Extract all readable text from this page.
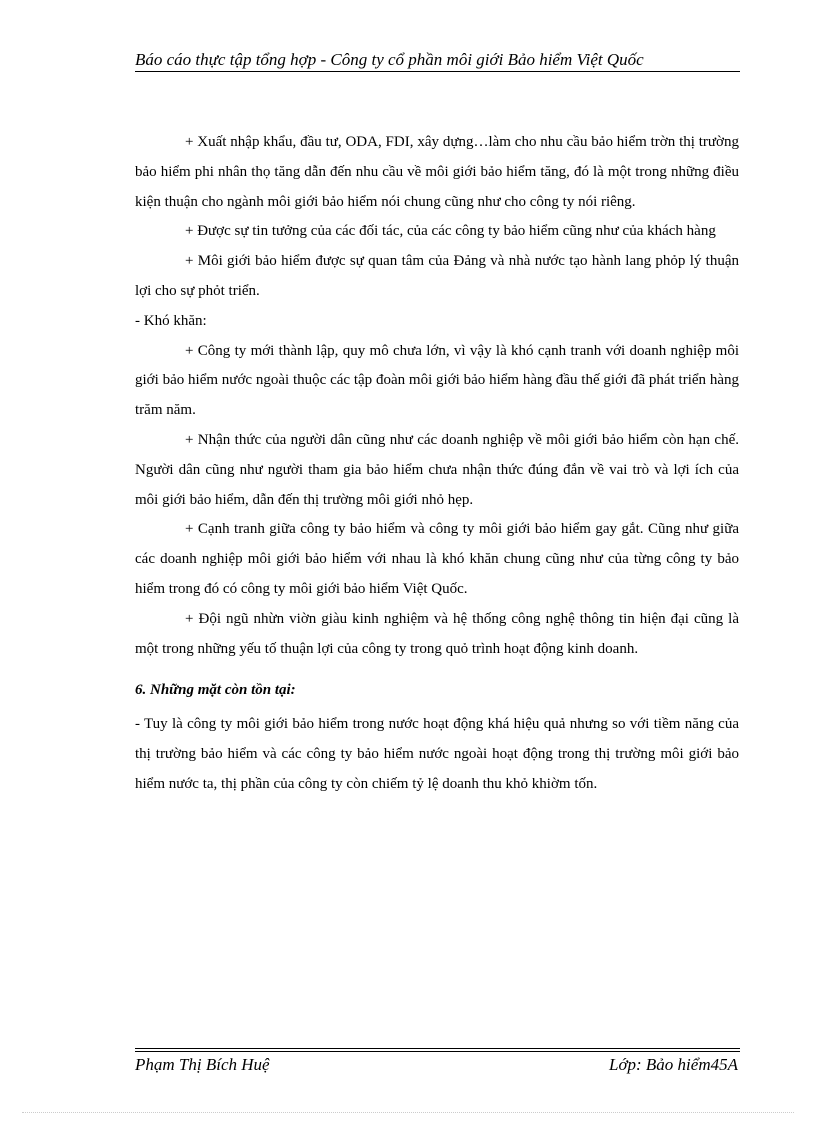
Báo cáo thực tập tổng hợp - Công ty cổ phần môi giới Bảo hiểm Việt Quốc

+ Xuất nhập khẩu, đầu tư, ODA, FDI, xây dựng…làm cho nhu cầu bảo hiểm trờn thị trường bảo hiểm phi nhân thọ tăng dẫn đến nhu cầu về môi giới bảo hiểm tăng, đó là một trong những điều kiện thuận cho ngành môi giới bảo hiểm nói chung cũng như cho công ty nói riêng.

+ Được sự tin tưởng của các đối tác, của các công ty bảo hiểm cũng như của khách hàng

+ Môi giới bảo hiểm được sự quan tâm của Đảng và nhà nước tạo hành lang phỏp lý thuận lợi cho sự phỏt triển.

- Khó khăn:

+ Công ty mới thành lập, quy mô chưa lớn, vì vậy là khó cạnh tranh với doanh nghiệp môi giới bảo hiểm nước ngoài thuộc các tập đoàn môi giới bảo hiểm hàng đầu thế giới đã phát triển hàng trăm năm.

+ Nhận thức của người dân cũng như các doanh nghiệp về môi giới bảo hiểm còn hạn chế. Người dân cũng như người tham gia bảo hiểm chưa nhận thức đúng đắn về vai trò và lợi ích của môi giới bảo hiểm, dẫn đến thị trường môi giới nhỏ hẹp.

+ Cạnh tranh giữa công ty bảo hiểm và công ty môi giới bảo hiểm gay gắt. Cũng như giữa các doanh nghiệp môi giới bảo hiểm với nhau là khó khăn chung cũng như của từng công ty bảo hiểm trong đó có công ty môi giới bảo hiểm Việt Quốc.

+ Đội ngũ nhừn viờn giàu kinh nghiệm và hệ thống công nghệ thông tin hiện đại cũng là một trong những yếu tố thuận lợi của công ty trong quỏ trình hoạt động kinh doanh.

6. Những mặt còn tồn tại:

- Tuy là công ty môi giới bảo hiểm trong nước hoạt động khá hiệu quả nhưng so với tiềm năng của thị trường bảo hiểm và các công ty bảo hiểm nước ngoài hoạt động trong thị trường môi giới bảo hiểm nước ta, thị phần của công ty còn chiếm tỷ lệ doanh thu khỏ khiờm tốn.

Phạm Thị Bích Huệ	Lớp: Bảo hiểm45A
